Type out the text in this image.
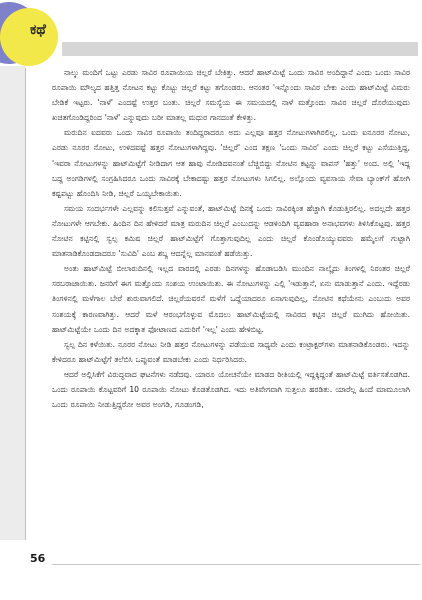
ಕಥೆ

ನಾಲ್ಕು ಮಂದಿಗೆ ಒಟ್ಟು ಎರಡು ಸಾವಿರ ರೂಪಾಯಿಯ ಚಿಲ್ಲರೆ ಬೇಕಿತ್ತು. ಆದರೆ ಹಾಟ್‌ಮಿಟ್ಟೆ ಒಂದು ಸಾವಿರ ಅಂದಿದ್ದಾನೆ ಎಂದು ಒಂದು ಸಾವಿರ ರೂಪಾಯಿ ಮೌಲ್ಯದ ಹತ್ತಿತ್ತ ನೋಟನ ಕಟ್ಟು ಕೊಟ್ಟು ಚಿಲ್ಲರೆ ಕಟ್ಟು ತಗೊಂಡರು. ಆನಂತರ 'ಇನ್ನೊಂದು ಸಾವಿರ ಬೇಕು ಎಂದು ಹಾಟ್‌ಮಿಟ್ಟೆ ವಿಮರು ಬೇಡಿಕೆ ಇಟ್ಟರು. 'ನಾಳೆ' ಎಂದಷ್ಟೆ ಉತ್ತರ ಬಂತು. ಚಿಲ್ಲರೆ ಸಮಸ್ಯೆಯ ಈ ಸಮಯದಲ್ಲಿ ನಾಳೆ ಮತ್ತೊಂದು ಸಾವಿರ ಚಿಲ್ಲರೆ ದೊರೆಯುವುದು ಖಚಿತಗೊಂಡಿದ್ದರಿಂದ 'ನಾಳೆ' ಎನ್ನುವುದು ಬರೀ ಮಾತಲ್ಲ ಮಧುರ ಗಾನದಂತೆ ಕೇಳಿತ್ತು.

ಮರುದಿನ ಐದವರು ಒಂದು ಸಾವಿರ ರೂಪಾಯಿ ತಂದಿದ್ದರಾದರೂ ಅದು ಎಲ್ಲವೂ ಹತ್ತರ ನೋಟುಗಳಾಗಿರಲಿಲ್ಲ. ಒಂದು ಐನೂರರ ನೋಟು, ಎರಡು ನೂರರ ನೋಟು, ಉಳಿದವಷ್ಟೆ ಹತ್ತರ ನೋಟುಗಳಾಗಿದ್ದವು. 'ಚಿಲ್ಲರೆ' ಎಂದ ತಕ್ಷಣ 'ಒಂದು ಸಾವಿರ' ಎಂದು ಚಿಲ್ಲರೆ ಕಟ್ಟು ಎಸೆಯುತ್ತಿದ್ದ, 'ಇವರಾ ನೋಟುಗಳನ್ನು ಹಾಟ್‌ಮಿಟ್ಟೆಗೆ ನೀಡಿದಾಗ ಆತ ಹಾವು ನೋಡಿದವನಂತೆ ಬೆಚ್ಚಿಬಿದ್ದು ನೋಟಿನ ಕಟ್ಟನ್ನು ವಾಪಸ್ 'ಹತ್ತು' ಅಂದ. ಅಲ್ಲಿ 'ಇದ್ದ ಬದ್ದ ಅಂಗಡಿಗಳಲ್ಲಿ ಸಂಗ್ರಹಿಸಿದರೂ ಒಂದು ಸಾವಿರಕ್ಕೆ ಬೇಕಾದಷ್ಟು ಹತ್ತರ ನೋಟುಗಳು ಸಿಗಲಿಲ್ಲ. ಅಲ್ಲೊಂದು ವ್ಯವಸಾಯ ಸೇವಾ ಬ್ಯಾಂಕ್‌ಗೆ ಹೋಗಿ ಕಷ್ಟಪಟ್ಟು ಹೊಂದಿಸಿ ನೀಡಿ, ಚಿಲ್ಲರೆ ಒಯ್ಯಬೇಕಾಯಿತು.

ಸಮಯ ಸಂದರ್ಭಗಳೇ ಎಲ್ಲವನ್ನು ಕಲಿಸುತ್ತವೆ ಎನ್ನುವಂತೆ, ಹಾಟ್‌ಮಿಟ್ಟೆ ದಿನಕ್ಕೆ ಒಂದು ಸಾವಿರಕ್ಕಿಂತ ಹೆಚ್ಚಾಗಿ ಕೊಡುತ್ತಿರಲಿಲ್ಲ. ಅದಲ್ಲದೇ ಹತ್ತರ ನೋಟುಗಳೇ ಆಗಬೇಕು. ಹಿಂದಿನ ದಿನ ಹೇಳಿದರೆ ಮಾತ್ರ ಮರುದಿನ ಚಿಲ್ಲರೆ ಎಂಬುದನ್ನು ಆಡಳಿಂದಿಗಿ ವ್ಯವಹಾರಾ ಅನಾಭವಗಳು ತಿಳಿಸಿಕೊಟ್ಟವು. ಹತ್ತರ ನೋಟಿನ ಕಟ್ಟಿನಲ್ಲಿ ಸ್ವಲ್ಪ ಕಮಿಷ ಚಿಲ್ಲರೆ ಹಾಟ್‌ಮಿಟ್ಟೆಗೆ ಗೊತ್ತಾಗುವುದಿಲ್ಲ ಎಂದು ಚಿಲ್ಲರೆ ಕೊಂಡೊಯ್ಯುವವರು ಹಮ್ಮೆಲಗೆ ಗುಟ್ಟಾಗಿ ಮಾತನಾಡಿಕೊಂಡದಾದರೂ 'ಸುವಿದಿ' ಎಂಬ ಶಬ್ದ ಆದನ್ನೆಲ್ಲ ಮಾನವಂತೆ ಹಡೆಯಿತ್ತು.

ಅಂತು ಹಾಟ್‌ಮಿಟ್ಟೆ ಬೀಲಾರುದಿನಲ್ಲಿ ಇಲ್ಲದ ವಾರದಲ್ಲಿ ಎರಡು ದಿನಗಳನ್ನು ಹೊಡಾಬಡಿಸಿ ಮುಂದಿನ ನಾಲ್ಕೈದು ತಿಂಗಳಲ್ಲಿ ನಿರಂತರ ಚಿಲ್ಲರೆ ಸರಬರಾಜಾಯಿತು. ಜನರಿಗೆ ಈಗ ಮತ್ತೊಂದು ಸಂಶಯ ಉಂಟಾಯಿತು. ಈ ನೋಟುಗಳನ್ನು ಎಲ್ಲಿ 'ಇಡುತ್ತಾನೆ, ಏನು ಮಾಡುತ್ತಾನೆ ಎಂದು. ಇದ್ದೆರಡು ತಿಂಗಳಿನಲ್ಲಿ ಮಳೆಗಾಲ ಬೇರೆ ಶುರುವಾಗಲಿದೆ. ಚಿಲ್ಲರೆಯವರನೆ ಮಳೆಗೆ ಒದ್ದೆಯಾದರೂ ಏನಾಗುವುದಿಲ್ಲ, ನೋಟಿನ ಕಥೆಯೇನು ಎಂಬುದು ಅವರ ಸಂಶಯಕ್ಕೆ ಕಾರಣವಾಗಿತ್ತು. ಆದರೆ ಮಳೆ ಆರಂಭಗೊಳ್ಳುವ ಮೊದಲು ಹಾಟ್‌ಮಿಟ್ಟೆಯಲ್ಲಿ ಸಾವಿರದ ಕಟ್ಟಿನ ಚಿಲ್ಲರೆ ಮುಗಿದು ಹೋಯಿತು. ಹಾಟ್‌ಮಿಟ್ಟೆಯೇ ಒಂದು ದಿನ ಅದಕ್ಕಾತ ಫೋಟಾಣದ ಎದುರಿಗೆ 'ಇಲ್ಲ' ಎಂದು ಹೇಳಿಬಿಟ್ಟ.

ಸ್ವಲ್ಪ ದಿನ ಕಳೆಯಿತು. ನೂರರ ನೋಟು ನೀಡಿ ಹತ್ತರ ನೋಟುಗಳನ್ನು ಪಡೆಯುವ ಸಾಧ್ಯವೇ ಎಂದು ಕಂಟ್ರಾಕ್ಟರ್‌ಗಳು ಮಾತನಾಡಿಕೊಂಡರು. ಇದನ್ನು ಕೇಳಿದರೂ ಹಾಟ್‌ಮಿಟ್ಟೆಗೆ ತಲೆಬಿಸಿ ಒಪ್ಪುವಂತೆ ಮಾಡಬೇಕು ಎಂದು ನಿರ್ಧರಿಸಿದರು.

ಆದರೆ ಅಲ್ಲಿಸಿಕೆಗೆ ವಿರುದ್ಧವಾದ ಘಟನೆಗಳು ನಡೆದವು. ಯಾರೂ ಯೋಚನೆಯೇ ಮಾಡದ ರೀತಿಯಲ್ಲಿ ಇದ್ದಕ್ಕಿದ್ದಂತೆ ಹಾಟ್‌ಮಿಟ್ಟೆ ವರ್ತಿಸತೊಡಗಿದ. ಒಂದು ರೂಪಾಯಿ ಕೊಟ್ಟವರಿಗೆ 10 ರೂಪಾಯಿ ನೋಟು ಕೊಡತೊಡಗಿದ. ಇದು ಅತಿವೇಗವಾಗಿ ಸುತ್ತಲೂ ಹರಡಿತು. ಯಾರೆಲ್ಲ ಹಿಂದೆ ಮಾಮೂಲಾಗಿ ಒಂದು ರೂಪಾಯಿ ನೀಡುತ್ತಿದ್ದರೋ ಅವರ ಅಂಗಡಿ, ಗೂಡಂಗಡಿ,

56
